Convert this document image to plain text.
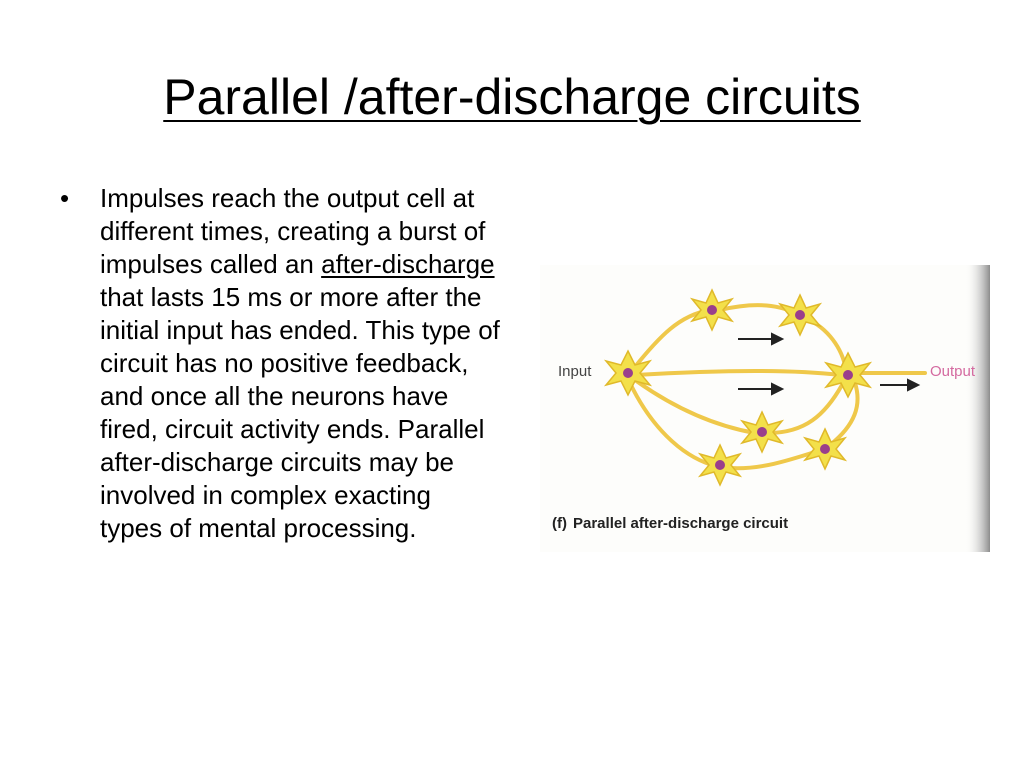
Parallel /after-discharge circuits
• Impulses reach the output cell at different times, creating a burst of impulses called an after-discharge that lasts 15 ms or more after the initial input has ended. This type of circuit has no positive feedback, and once all the neurons have fired, circuit activity ends. Parallel after-discharge circuits may be involved in complex exacting types of mental processing.
Input	Output
(f) Parallel after-discharge circuit
